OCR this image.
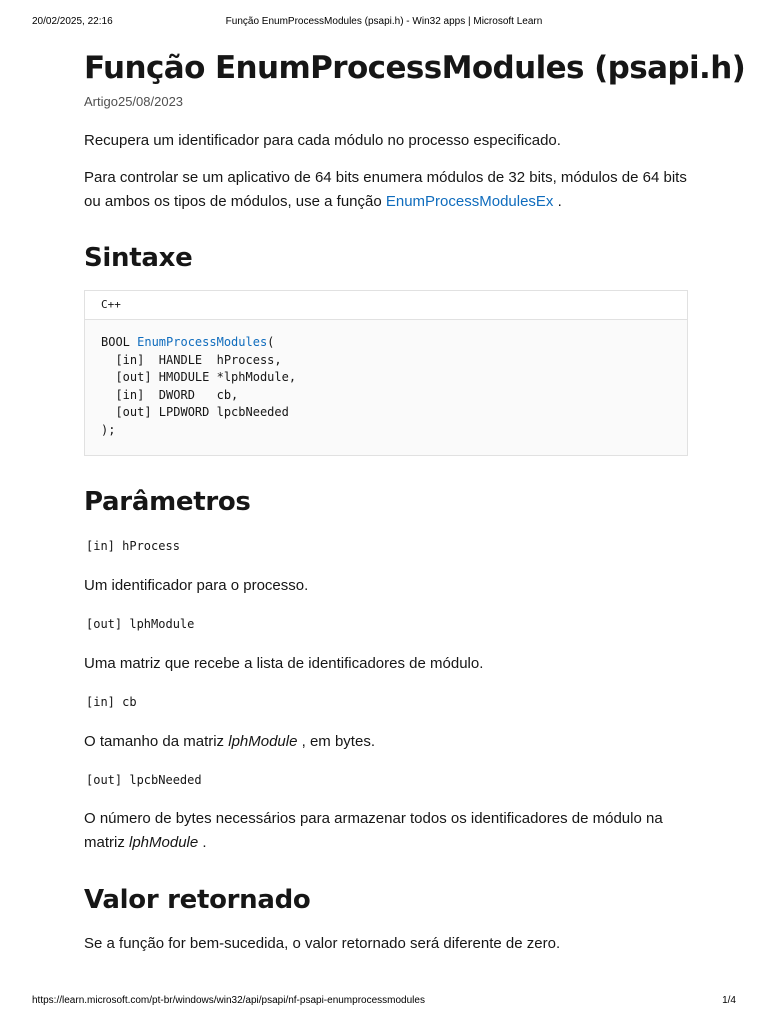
20/02/2025, 22:16	Função EnumProcessModules (psapi.h) - Win32 apps | Microsoft Learn
Função EnumProcessModules (psapi.h)
Artigo25/08/2023

Recupera um identificador para cada módulo no processo especificado.

Para controlar se um aplicativo de 64 bits enumera módulos de 32 bits, módulos de 64 bits ou ambos os tipos de módulos, use a função EnumProcessModulesEx .

Sintaxe
C++
BOOL EnumProcessModules(
[in]  HANDLE  hProcess,
[out] HMODULE *lphModule,
[in]  DWORD   cb,
[out] LPDWORD lpcbNeeded
);
Parâmetros
[in] hProcess

Um identificador para o processo.

[out] lphModule

Uma matriz que recebe a lista de identificadores de módulo.

[in] cb

O tamanho da matriz lphModule , em bytes.

[out] lpcbNeeded

O número de bytes necessários para armazenar todos os identificadores de módulo na matriz lphModule .

Valor retornado

Se a função for bem-sucedida, o valor retornado será diferente de zero.

https://learn.microsoft.com/pt-br/windows/win32/api/psapi/nf-psapi-enumprocessmodules	1/4
